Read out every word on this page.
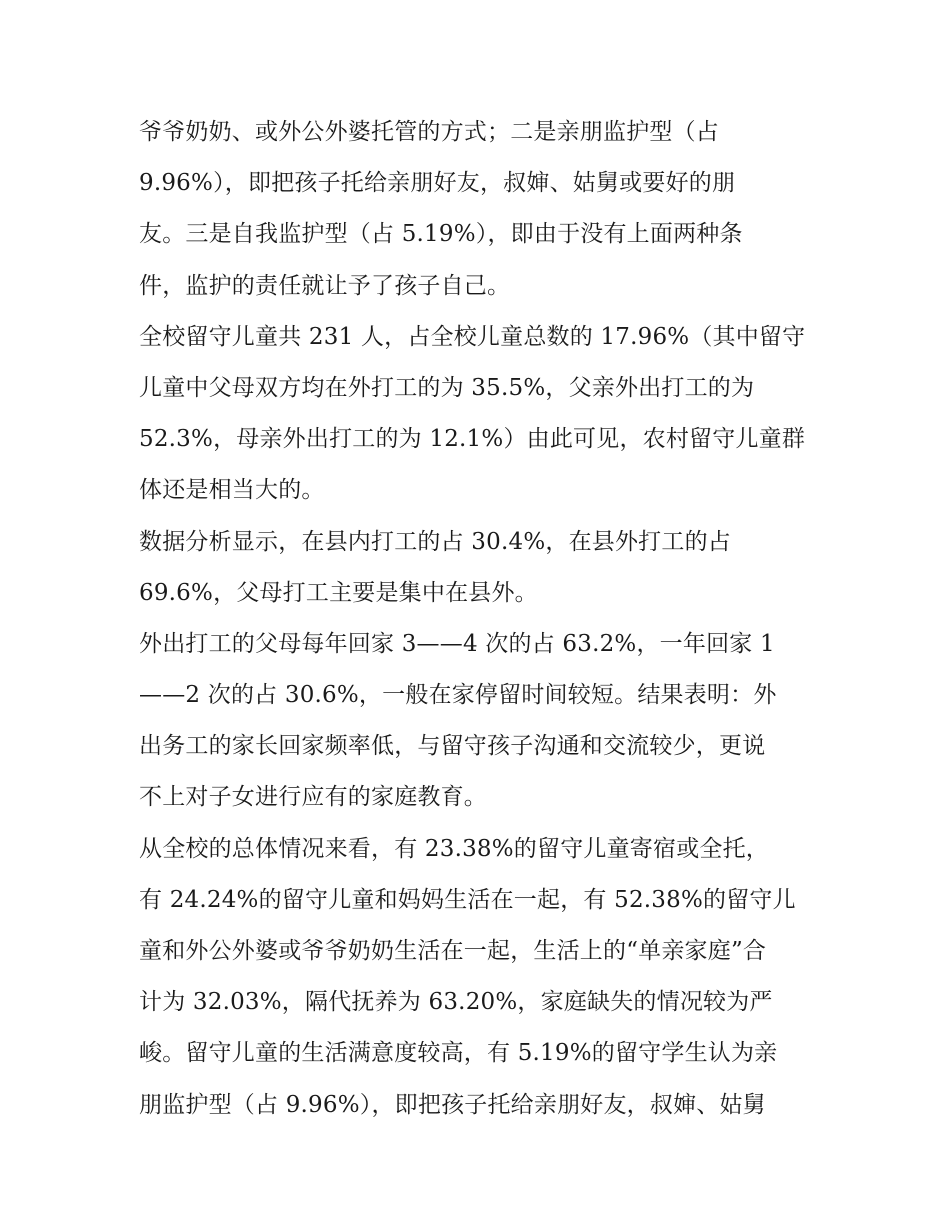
爷爷奶奶、或外公外婆托管的方式；二是亲朋监护型（占
9.96%），即把孩子托给亲朋好友，叔婶、姑舅或要好的朋
友。三是自我监护型（占 5.19%），即由于没有上面两种条
件，监护的责任就让予了孩子自己。
全校留守儿童共 231 人，占全校儿童总数的 17.96%（其中留守
儿童中父母双方均在外打工的为 35.5%，父亲外出打工的为
52.3%，母亲外出打工的为 12.1%）由此可见，农村留守儿童群
体还是相当大的。
数据分析显示，在县内打工的占 30.4%，在县外打工的占
69.6%，父母打工主要是集中在县外。
外出打工的父母每年回家 3——4 次的占 63.2%，一年回家 1
——2 次的占 30.6%，一般在家停留时间较短。结果表明：外
出务工的家长回家频率低，与留守孩子沟通和交流较少，更说
不上对子女进行应有的家庭教育。
从全校的总体情况来看，有 23.38%的留守儿童寄宿或全托，
有 24.24%的留守儿童和妈妈生活在一起，有 52.38%的留守儿
童和外公外婆或爷爷奶奶生活在一起，生活上的“单亲家庭”合
计为 32.03%，隔代抚养为 63.20%，家庭缺失的情况较为严
峻。留守儿童的生活满意度较高，有 5.19%的留守学生认为亲
朋监护型（占 9.96%），即把孩子托给亲朋好友，叔婶、姑舅
